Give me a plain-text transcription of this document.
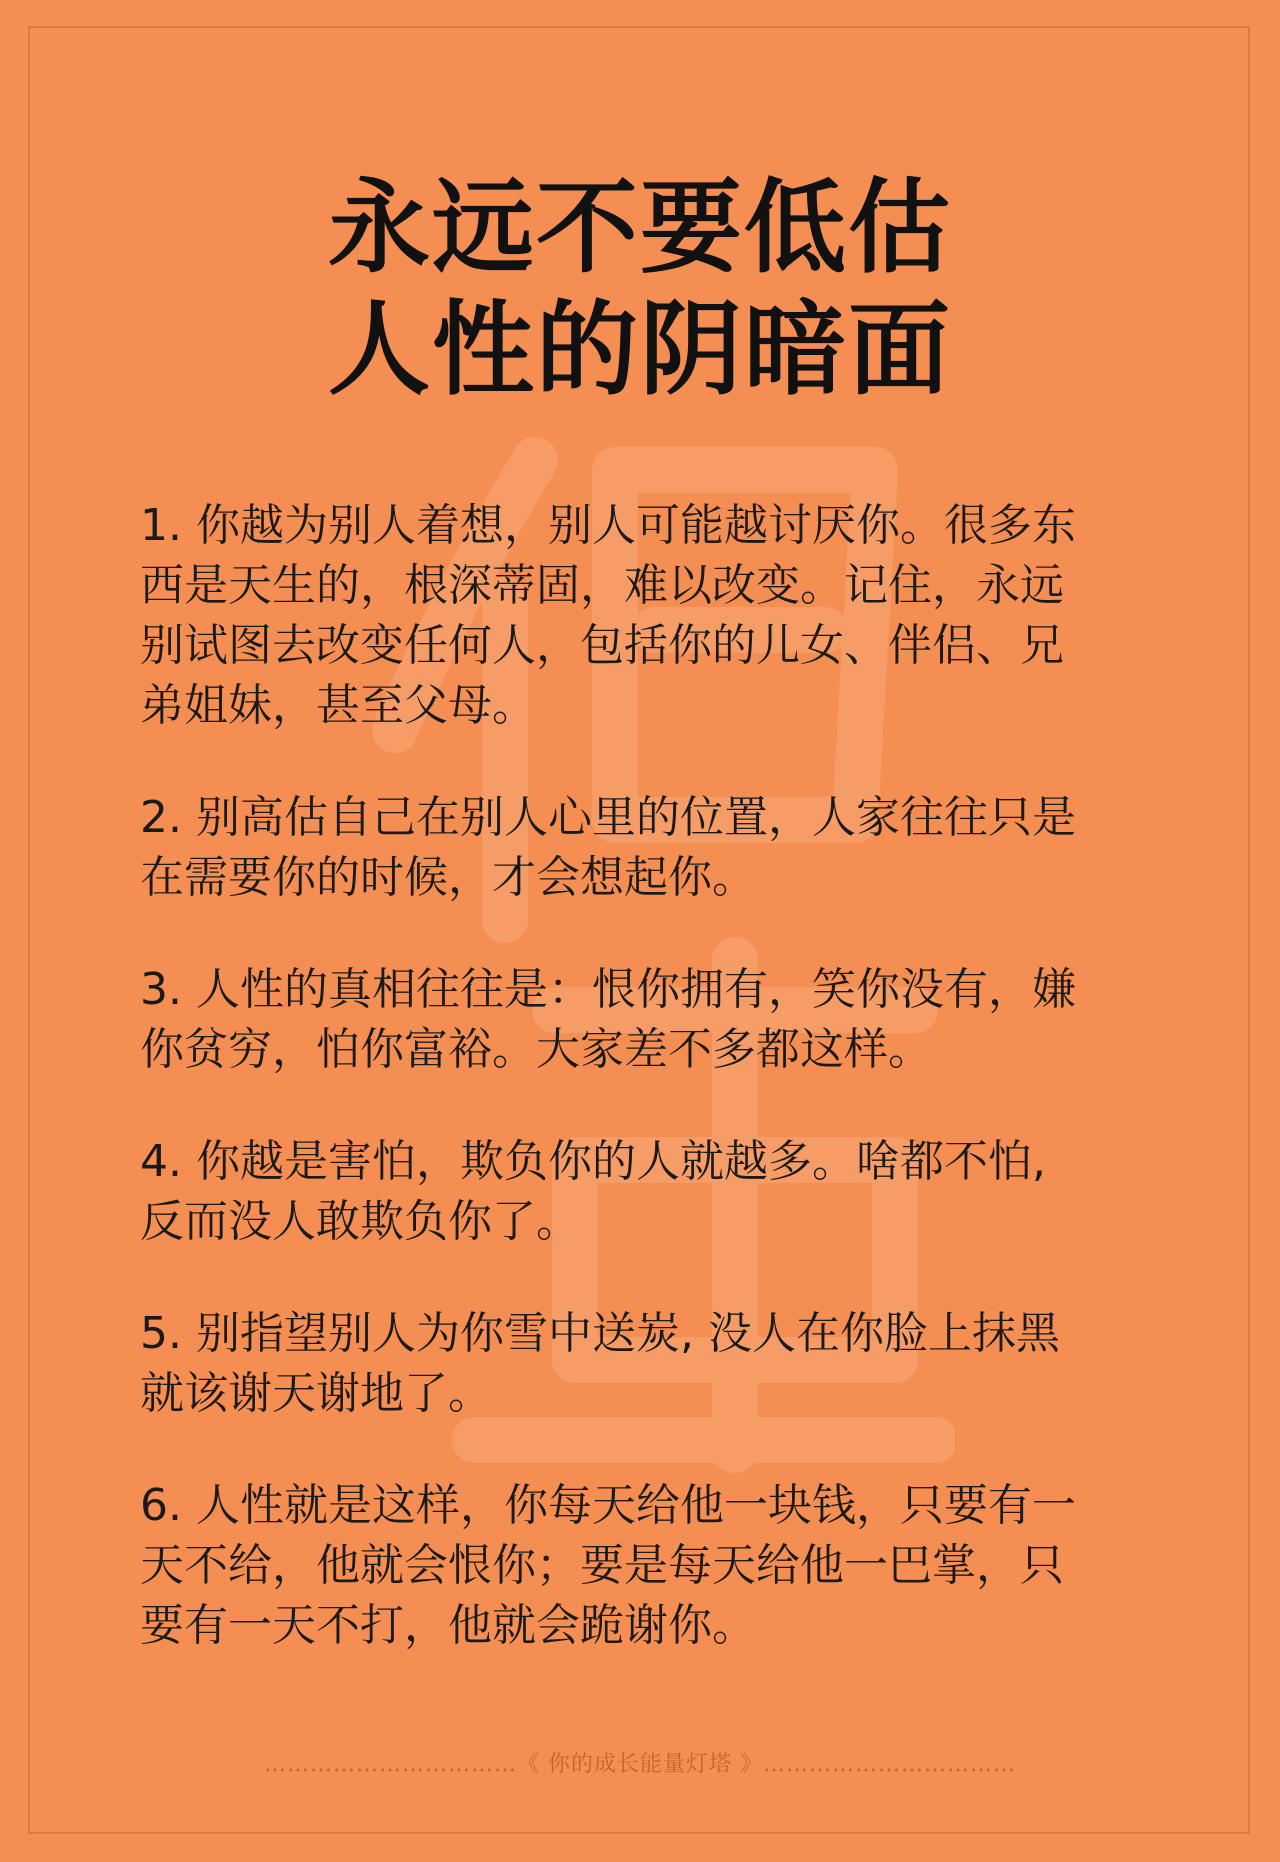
永远不要低估
人性的阴暗面

1. 你越为别人着想，别人可能越讨厌你。很多东
西是天生的，根深蒂固，难以改变。记住，永远
别试图去改变任何人，包括你的儿女、伴侣、兄
弟姐妹，甚至父母。

2. 别高估自己在别人心里的位置，人家往往只是
在需要你的时候，才会想起你。

3. 人性的真相往往是：恨你拥有，笑你没有，嫌
你贫穷，怕你富裕。大家差不多都这样。

4. 你越是害怕，欺负你的人就越多。啥都不怕,
反而没人敢欺负你了。

5. 别指望别人为你雪中送炭, 没人在你脸上抹黑
就该谢天谢地了。

6. 人性就是这样，你每天给他一块钱，只要有一
天不给，他就会恨你；要是每天给他一巴掌，只
要有一天不打，他就会跪谢你。

……………………………《 你的成长能量灯塔 》……………………………
